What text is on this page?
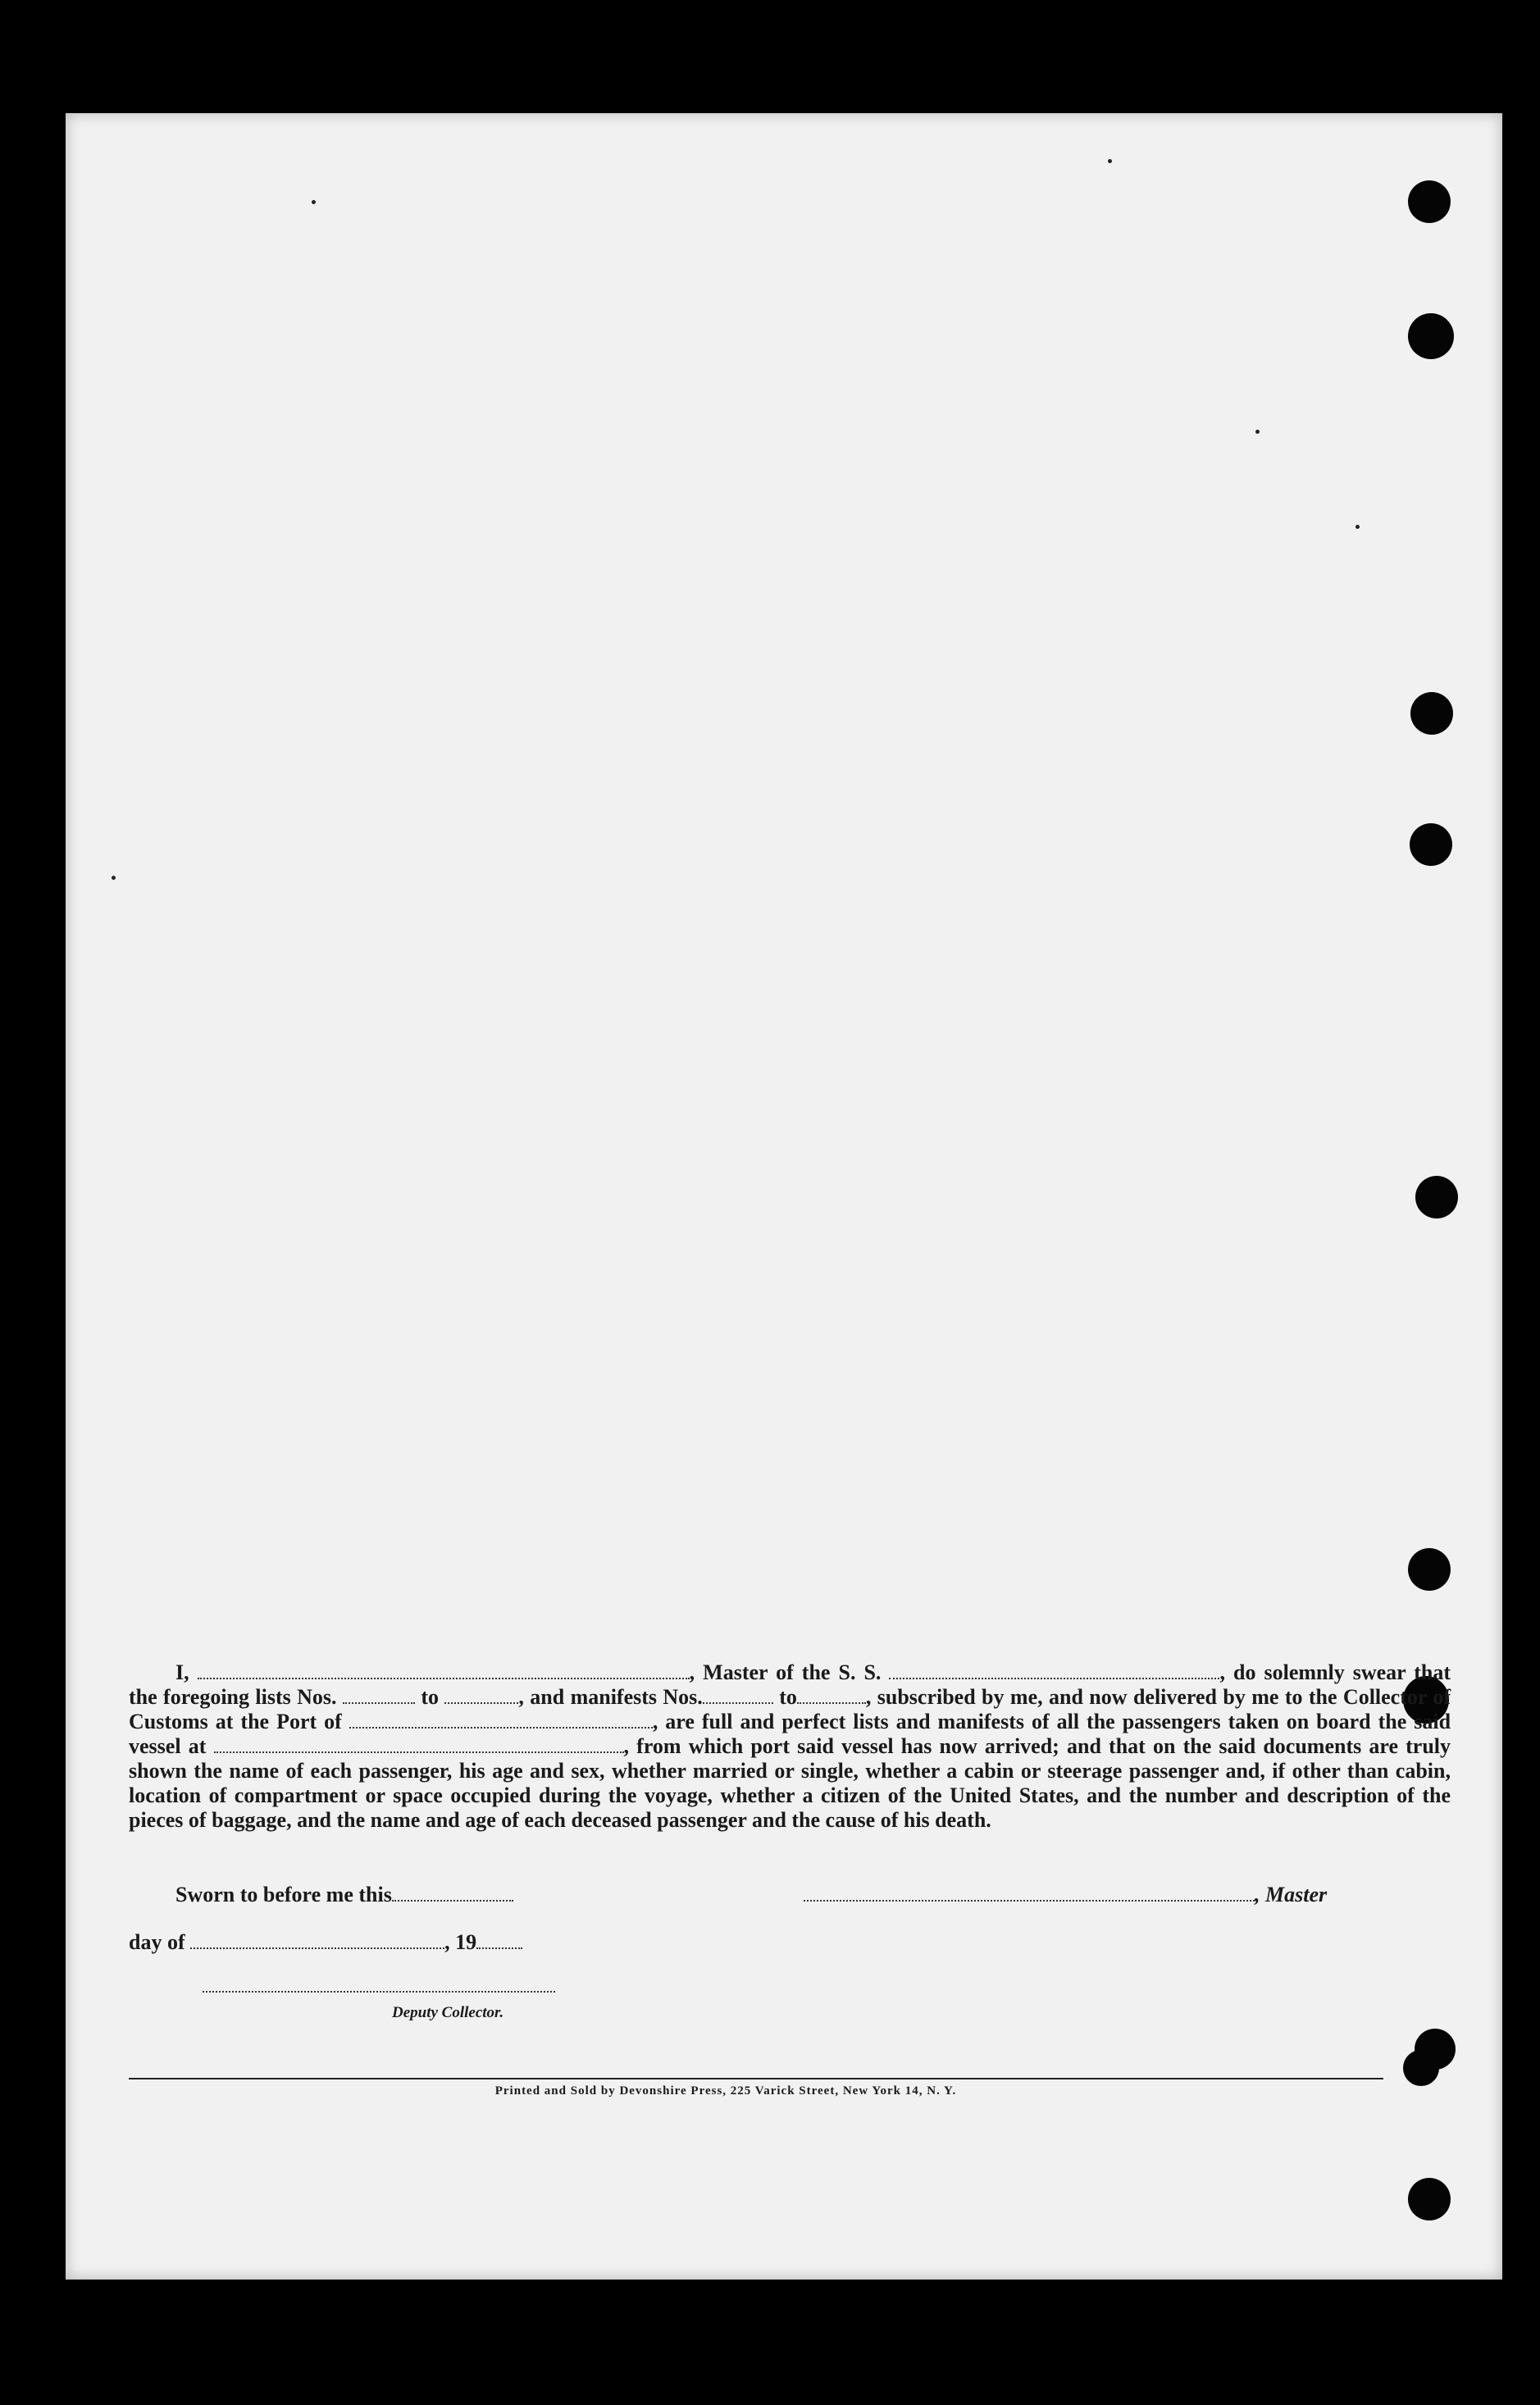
I,	, Master of the S. S.	, do solemnly swear that the foregoing lists Nos.	to	, and manifests Nos.	to	, subscribed by me, and now delivered by me to the Collector of Customs at the Port of	, are full and perfect lists and manifests of all the passengers taken on board the said vessel at	, from which port said vessel has now arrived; and that on the said documents are truly shown the name of each passenger, his age and sex, whether married or single, whether a cabin or steerage passenger and, if other than cabin, location of compartment or space occupied during the voyage, whether a citizen of the United States, and the number and description of the pieces of baggage, and the name and age of each deceased passenger and the cause of his death.
Sworn to before me this	, Master
day of	, 19
Deputy Collector.
Printed and Sold by Devonshire Press, 225 Varick Street, New York 14, N. Y.
